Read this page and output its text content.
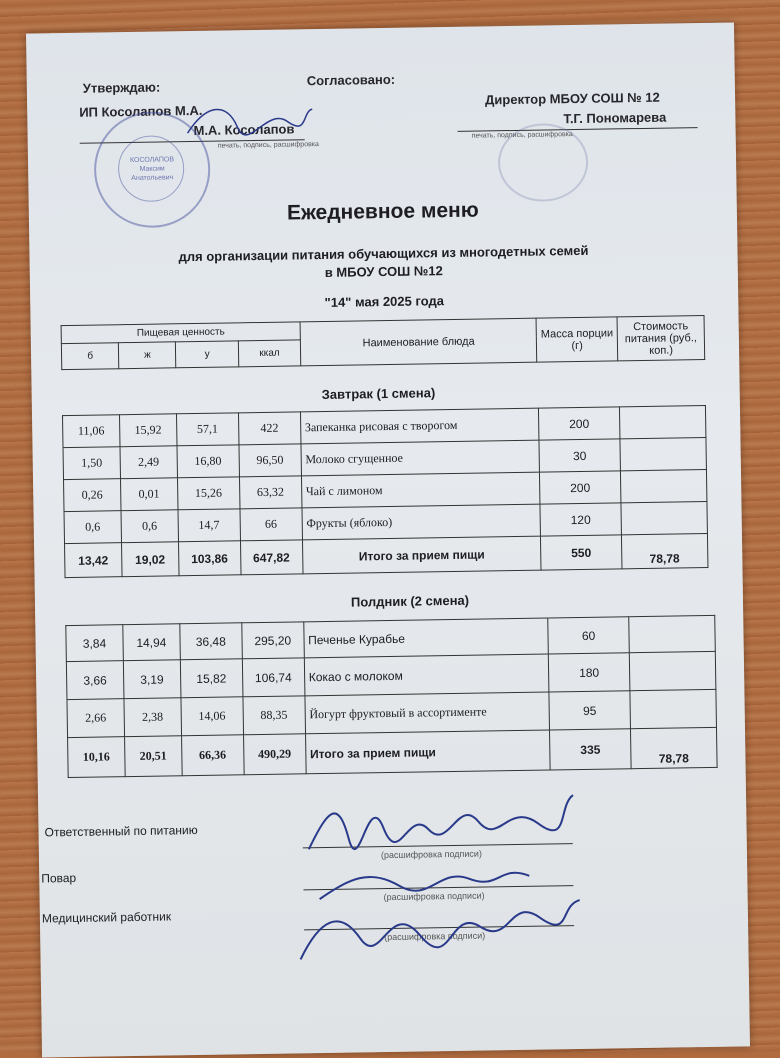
Утверждаю:
ИП Косолапов М.А.
М.А. Косолапов
печать, подпись, расшифровка
КОСОЛАПОВ Максим Анатольевич
Согласовано:
Директор МБОУ СОШ № 12
Т.Г. Пономарева
печать, подпись, расшифровка
Ежедневное меню
для организации питания обучающихся из многодетных семей
в МБОУ СОШ №12
"14" мая 2025 года
Пищевая ценность				Наименование блюда	Масса порции (г)	Стоимость питания (руб., коп.)
б	ж	у	ккал			
Завтрак (1 смена)
11,06	15,92	57,1	422	Запеканка рисовая с творогом	200	
1,50	2,49	16,80	96,50	Молоко сгущенное	30	
0,26	0,01	15,26	63,32	Чай с лимоном	200	
0,6	0,6	14,7	66	Фрукты (яблоко)	120	
13,42	19,02	103,86	647,82	Итого за прием пищи	550	78,78
Полдник (2 смена)
3,84	14,94	36,48	295,20	Печенье Курабье	60	
3,66	3,19	15,82	106,74	Кокао с молоком	180	
2,66	2,38	14,06	88,35	Йогурт фруктовый в ассортименте	95	
10,16	20,51	66,36	490,29	Итого за прием пищи	335	78,78
Ответственный по питанию
(расшифровка подписи)
Повар
(расшифровка подписи)
Медицинский работник
(расшифровка подписи)
